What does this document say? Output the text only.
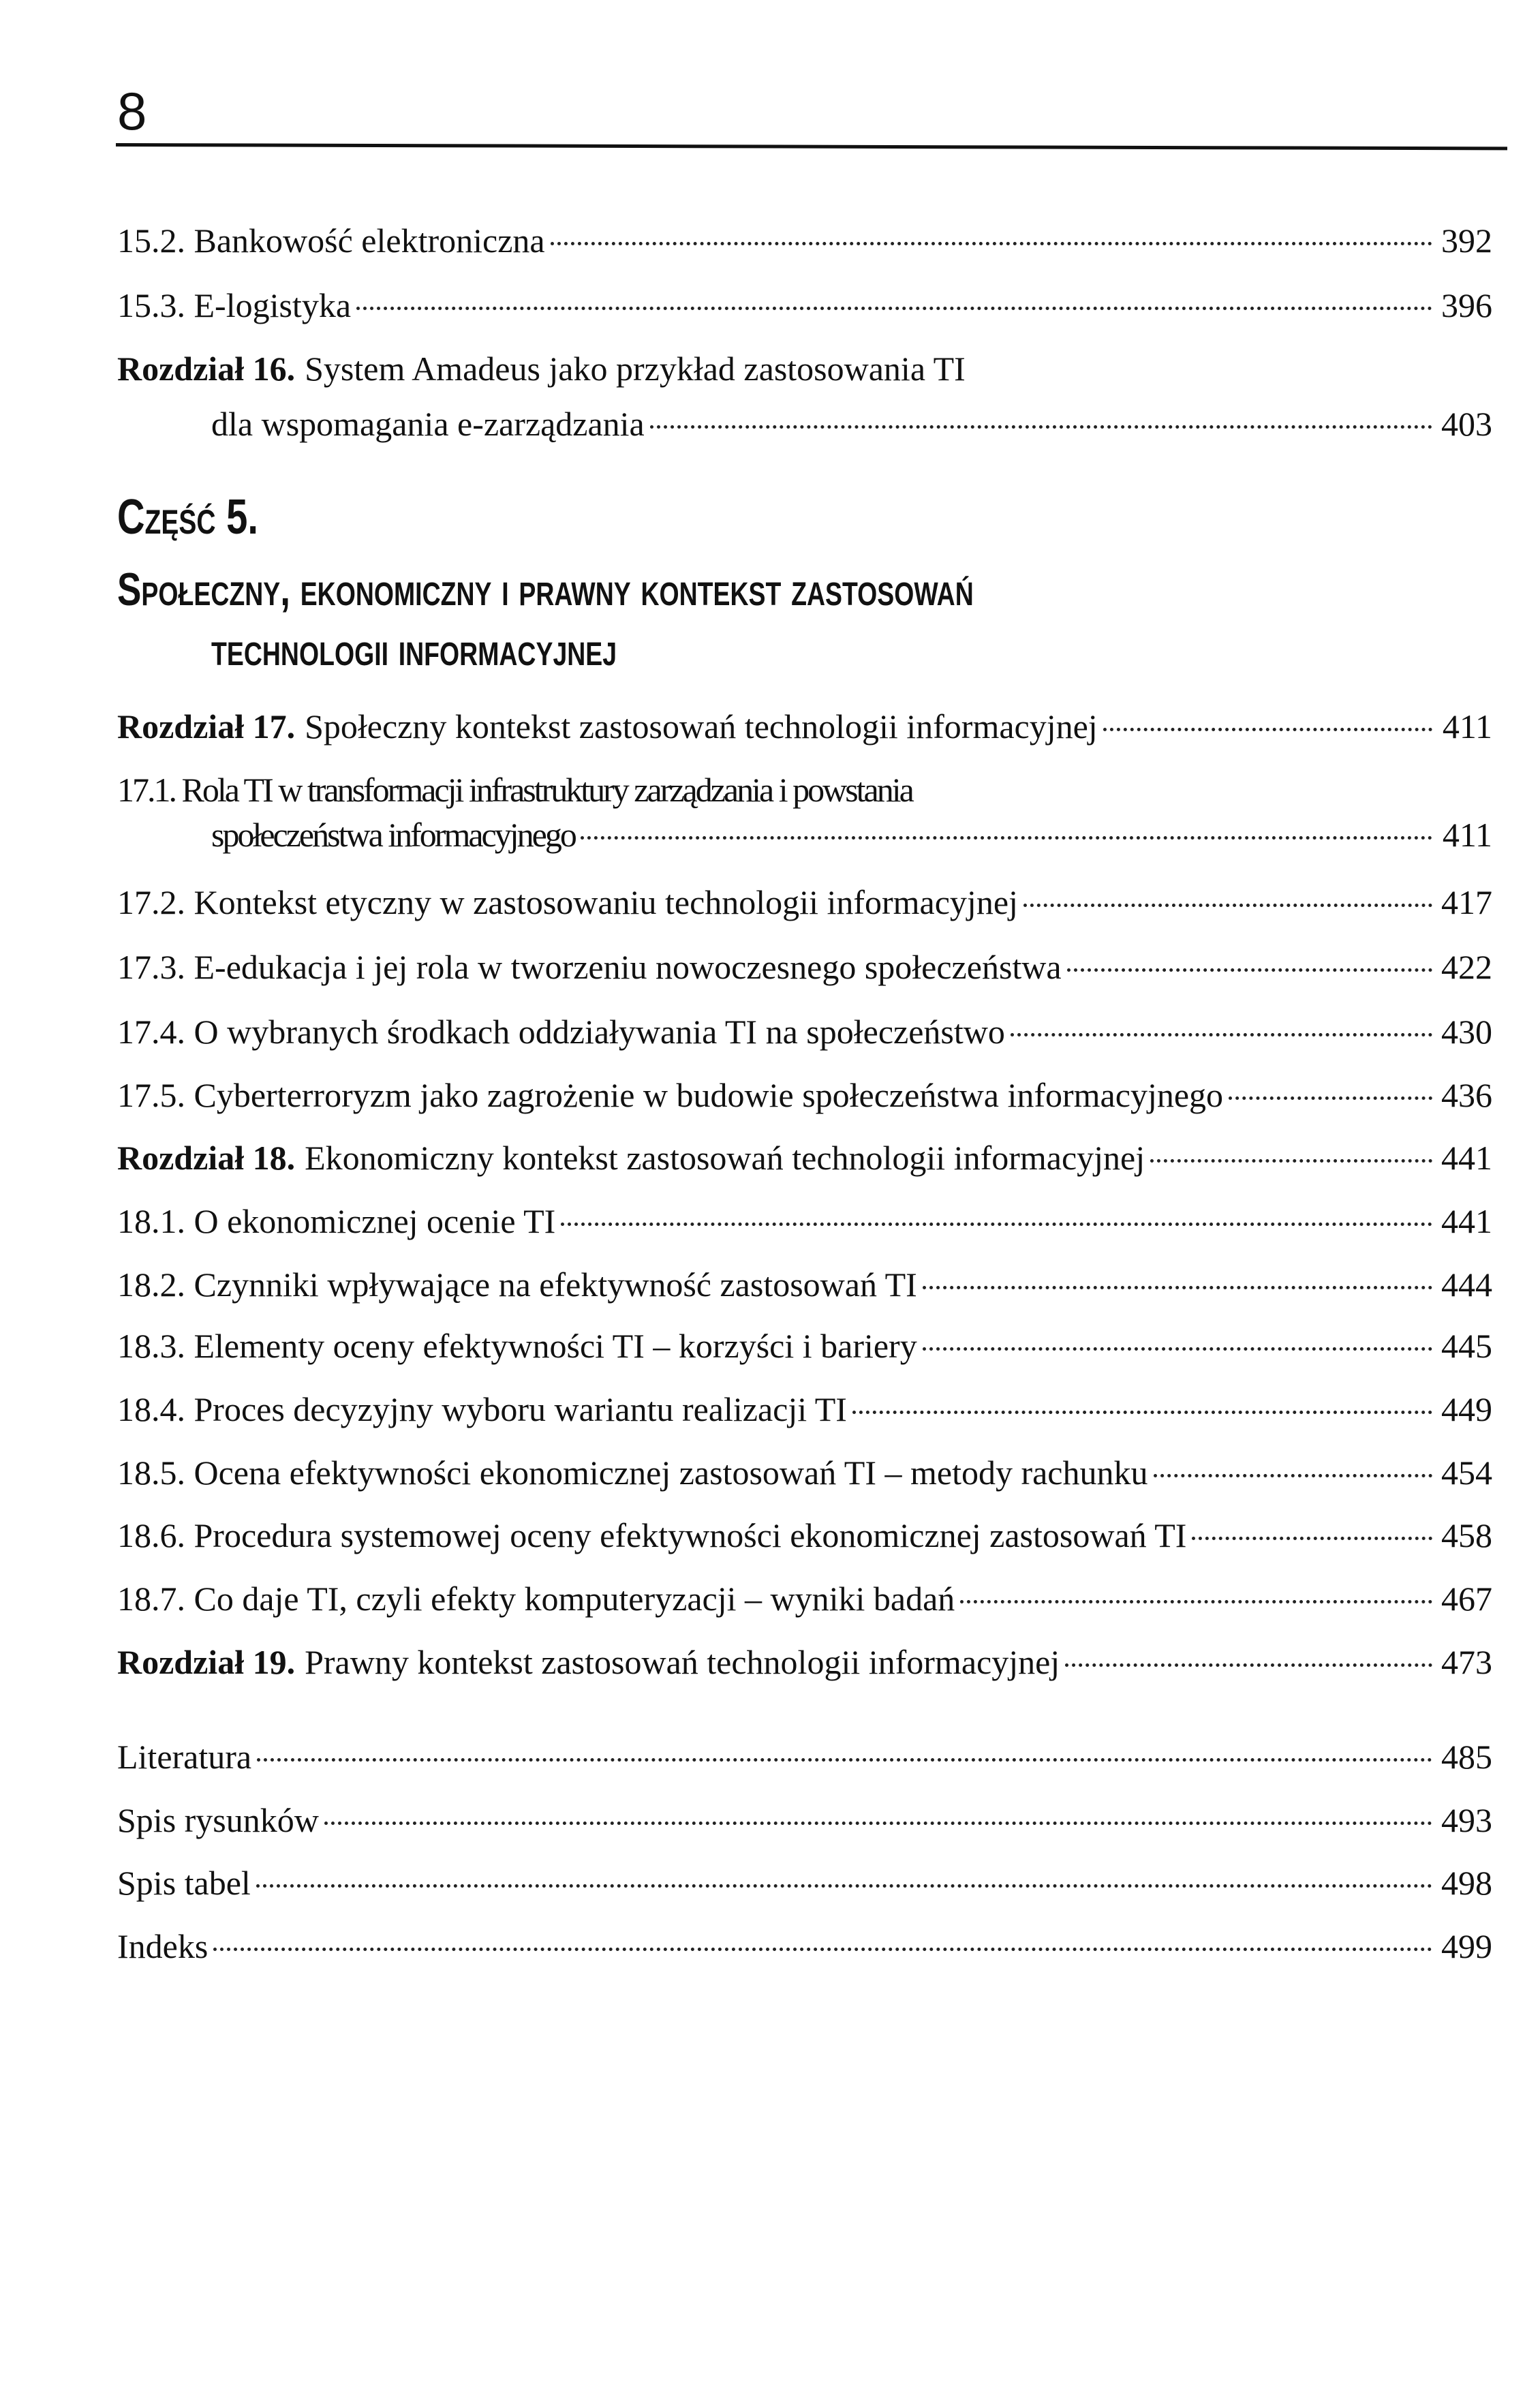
8
15.2. Bankowość elektroniczna	392
15.3. E-logistyka	396
Rozdział 16. System Amadeus jako przykład zastosowania TI
dla wspomagania e-zarządzania	403
Część 5.
Społeczny, ekonomiczny i prawny kontekst zastosowań
technologii informacyjnej
Rozdział 17. Społeczny kontekst zastosowań technologii informacyjnej	411
17.1. Rola TI w transformacji infrastruktury zarządzania i powstania
społeczeństwa informacyjnego	411
17.2. Kontekst etyczny w zastosowaniu technologii informacyjnej	417
17.3. E-edukacja i jej rola w tworzeniu nowoczesnego społeczeństwa	422
17.4. O wybranych środkach oddziaływania TI na społeczeństwo	430
17.5. Cyberterroryzm jako zagrożenie w budowie społeczeństwa informacyjnego	436
Rozdział 18. Ekonomiczny kontekst zastosowań technologii informacyjnej	441
18.1. O ekonomicznej ocenie TI	441
18.2. Czynniki wpływające na efektywność zastosowań TI	444
18.3. Elementy oceny efektywności TI – korzyści i bariery	445
18.4. Proces decyzyjny wyboru wariantu realizacji TI	449
18.5. Ocena efektywności ekonomicznej zastosowań TI – metody rachunku	454
18.6. Procedura systemowej oceny efektywności ekonomicznej zastosowań TI	458
18.7. Co daje TI, czyli efekty komputeryzacji – wyniki badań	467
Rozdział 19. Prawny kontekst zastosowań technologii informacyjnej	473
Literatura	485
Spis rysunków	493
Spis tabel	498
Indeks	499
